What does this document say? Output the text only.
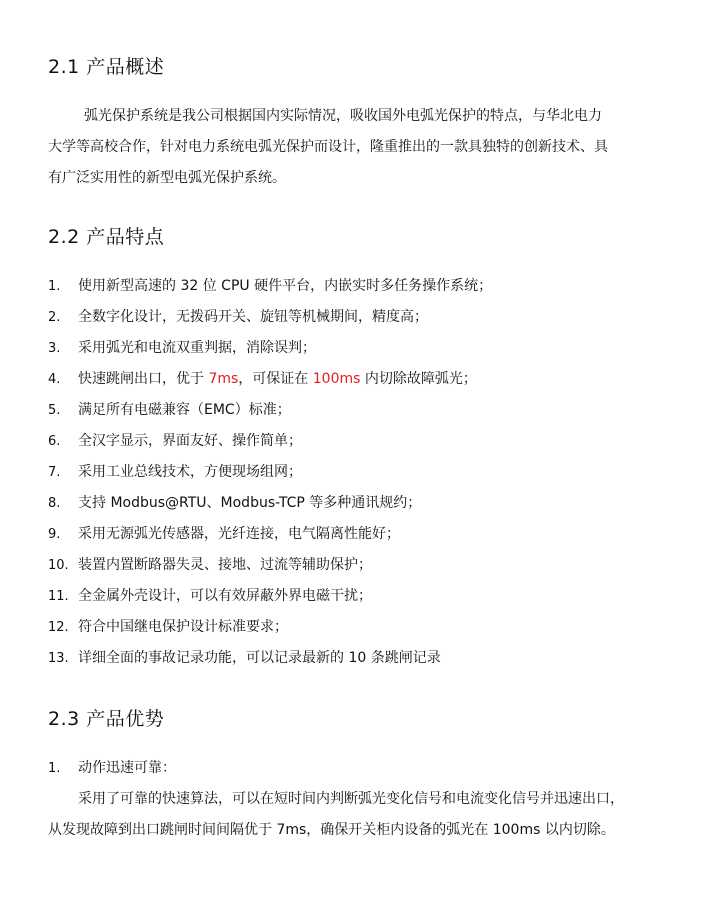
2.1 产品概述
弧光保护系统是我公司根据国内实际情况，吸收国外电弧光保护的特点，与华北电力
大学等高校合作，针对电力系统电弧光保护而设计，隆重推出的一款具独特的创新技术、具
有广泛实用性的新型电弧光保护系统。
2.2 产品特点
1. 使用新型高速的 32 位 CPU 硬件平台，内嵌实时多任务操作系统；
2. 全数字化设计，无拨码开关、旋钮等机械期间，精度高；
3. 采用弧光和电流双重判据，消除误判；
4. 快速跳闸出口，优于 7ms，可保证在 100ms 内切除故障弧光；
5. 满足所有电磁兼容（EMC）标准；
6. 全汉字显示，界面友好、操作简单；
7. 采用工业总线技术，方便现场组网；
8. 支持 Modbus@RTU、Modbus-TCP 等多种通讯规约；
9. 采用无源弧光传感器，光纤连接，电气隔离性能好；
10. 装置内置断路器失灵、接地、过流等辅助保护；
11. 全金属外壳设计，可以有效屏蔽外界电磁干扰；
12. 符合中国继电保护设计标准要求；
13. 详细全面的事故记录功能，可以记录最新的 10 条跳闸记录
2.3 产品优势
1. 动作迅速可靠：
采用了可靠的快速算法，可以在短时间内判断弧光变化信号和电流变化信号并迅速出口，
从发现故障到出口跳闸时间间隔优于 7ms，确保开关柜内设备的弧光在 100ms 以内切除。
